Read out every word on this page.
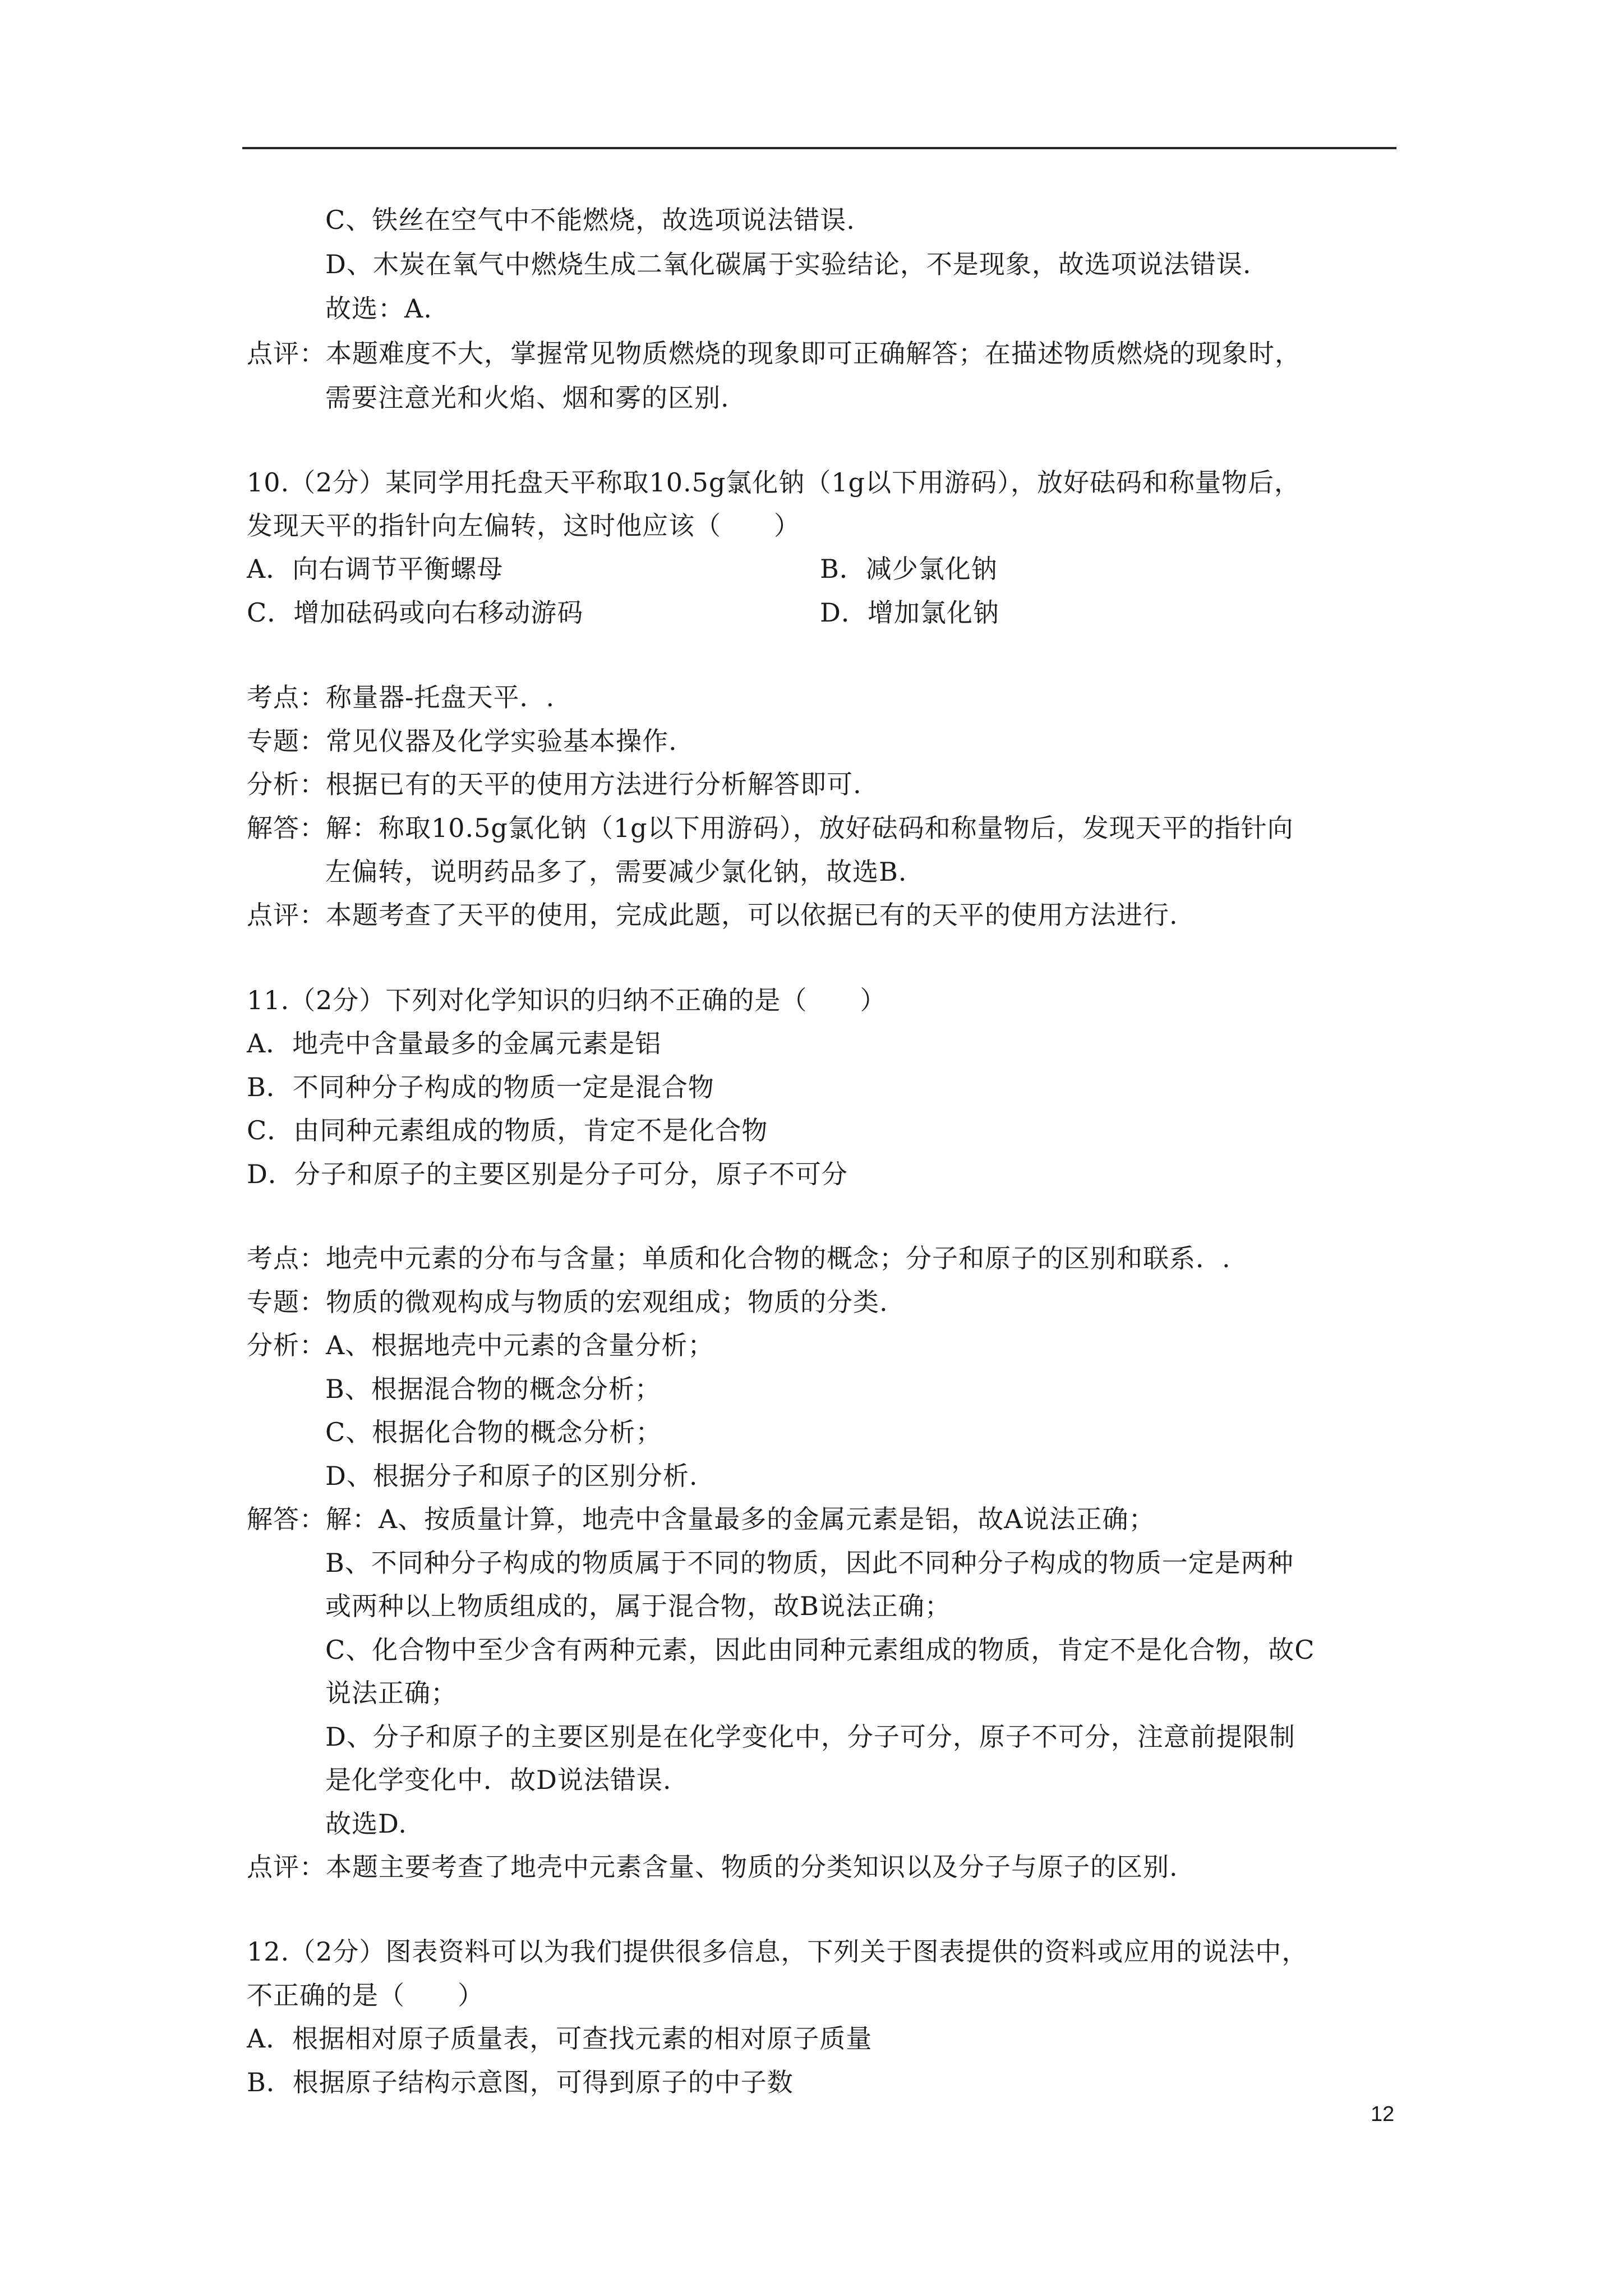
C、铁丝在空气中不能燃烧，故选项说法错误.
D、木炭在氧气中燃烧生成二氧化碳属于实验结论，不是现象，故选项说法错误.
故选：A.
点评：本题难度不大，掌握常见物质燃烧的现象即可正确解答；在描述物质燃烧的现象时，
需要注意光和火焰、烟和雾的区别.
10.（2分）某同学用托盘天平称取10.5g氯化钠（1g以下用游码），放好砝码和称量物后，
发现天平的指针向左偏转，这时他应该（　　）
A．向右调节平衡螺母	B．减少氯化钠
C．增加砝码或向右移动游码	D．增加氯化钠
考点：称量器-托盘天平．.
专题：常见仪器及化学实验基本操作.
分析：根据已有的天平的使用方法进行分析解答即可.
解答：解：称取10.5g氯化钠（1g以下用游码），放好砝码和称量物后，发现天平的指针向
左偏转，说明药品多了，需要减少氯化钠，故选B.
点评：本题考查了天平的使用，完成此题，可以依据已有的天平的使用方法进行.
11.（2分）下列对化学知识的归纳不正确的是（　　）
A．地壳中含量最多的金属元素是铝
B．不同种分子构成的物质一定是混合物
C．由同种元素组成的物质，肯定不是化合物
D．分子和原子的主要区别是分子可分，原子不可分
考点：地壳中元素的分布与含量；单质和化合物的概念；分子和原子的区别和联系．.
专题：物质的微观构成与物质的宏观组成；物质的分类.
分析：A、根据地壳中元素的含量分析；
B、根据混合物的概念分析；
C、根据化合物的概念分析；
D、根据分子和原子的区别分析.
解答：解：A、按质量计算，地壳中含量最多的金属元素是铝，故A说法正确；
B、不同种分子构成的物质属于不同的物质，因此不同种分子构成的物质一定是两种
或两种以上物质组成的，属于混合物，故B说法正确；
C、化合物中至少含有两种元素，因此由同种元素组成的物质，肯定不是化合物，故C
说法正确；
D、分子和原子的主要区别是在化学变化中，分子可分，原子不可分，注意前提限制
是化学变化中．故D说法错误.
故选D.
点评：本题主要考查了地壳中元素含量、物质的分类知识以及分子与原子的区别.
12.（2分）图表资料可以为我们提供很多信息，下列关于图表提供的资料或应用的说法中，
不正确的是（　　）
A．根据相对原子质量表，可查找元素的相对原子质量
B．根据原子结构示意图，可得到原子的中子数
12
